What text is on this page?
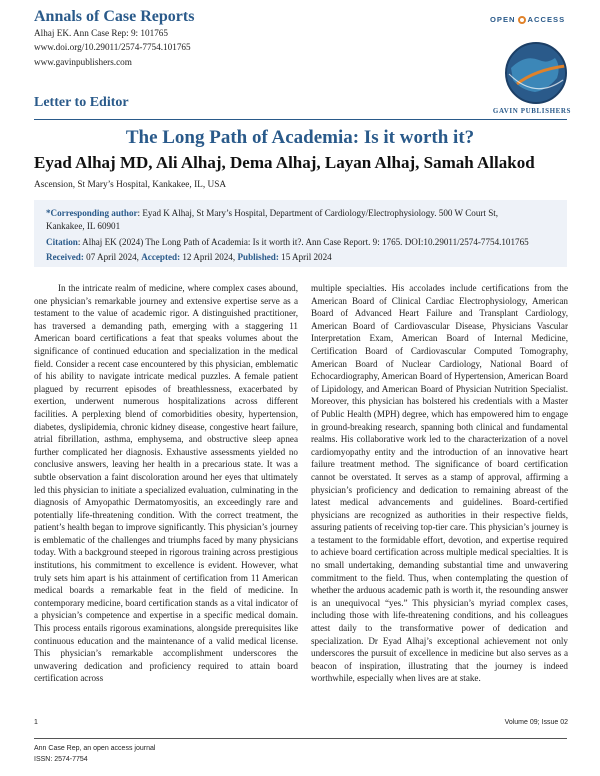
Annals of Case Reports
Alhaj EK. Ann Case Rep: 9: 101765
www.doi.org/10.29011/2574-7754.101765
www.gavinpublishers.com
OPEN ACCESS
GAVIN PUBLISHERS
Letter to Editor
The Long Path of Academia: Is it worth it?
Eyad Alhaj MD, Ali Alhaj, Dema Alhaj, Layan Alhaj, Samah Allakod
Ascension, St Mary’s Hospital, Kankakee, IL, USA
*Corresponding author: Eyad K Alhaj, St Mary’s Hospital, Department of Cardiology/Electrophysiology. 500 W Court St,
Kankakee, IL 60901
Citation: Alhaj EK (2024) The Long Path of Academia: Is it worth it?. Ann Case Report. 9: 1765. DOI:10.29011/2574-7754.101765
Received: 07 April 2024, Accepted: 12 April 2024, Published: 15 April 2024

In the intricate realm of medicine, where complex cases abound, one physician’s remarkable journey and extensive expertise serve as a testament to the value of academic rigor. A distinguished practitioner, has traversed a demanding path, emerging with a staggering 11 American board certifications a feat that speaks volumes about the significance of continued education and specialization in the medical field. Consider a recent case encountered by this physician, emblematic of his ability to navigate intricate medical puzzles. A female patient plagued by recurrent episodes of breathlessness, exacerbated by exertion, underwent numerous hospitalizations across different facilities. A perplexing blend of comorbidities obesity, hypertension, diabetes, dyslipidemia, chronic kidney disease, congestive heart failure, atrial fibrillation, asthma, emphysema, and obstructive sleep apnea further complicated her diagnosis. Exhaustive assessments yielded no conclusive answers, leaving her health in a precarious state. It was a subtle observation a faint discoloration around her eyes that ultimately led this physician to initiate a specialized evaluation, culminating in the diagnosis of Amyopathic Dermatomyositis, an exceedingly rare and potentially life-threatening condition. With the correct treatment, the patient’s health began to improve significantly. This physician’s journey is emblematic of the challenges and triumphs faced by many physicians today. With a background steeped in rigorous training across prestigious institutions, his commitment to excellence is evident. However, what truly sets him apart is his attainment of certification from 11 American medical boards a remarkable feat in the field of medicine. In contemporary medicine, board certification stands as a vital indicator of a physician’s competence and expertise in a specific medical domain. This process entails rigorous examinations, alongside prerequisites like continuous education and the maintenance of a valid medical license. This physician’s remarkable accomplishment underscores the unwavering dedication and proficiency required to attain board certification across

multiple specialties. His accolades include certifications from the American Board of Clinical Cardiac Electrophysiology, American Board of Advanced Heart Failure and Transplant Cardiology, American Board of Cardiovascular Disease, Physicians Vascular Interpretation Exam, American Board of Internal Medicine, Certification Board of Cardiovascular Computed Tomography, American Board of Nuclear Cardiology, National Board of Echocardiography, American Board of Hypertension, American Board of Lipidology, and American Board of Physician Nutrition Specialist. Moreover, this physician has bolstered his credentials with a Master of Public Health (MPH) degree, which has empowered him to engage in ground-breaking research, spanning both clinical and fundamental realms. His collaborative work led to the characterization of a novel cardiomyopathy entity and the introduction of an innovative heart failure treatment method. The significance of board certification cannot be overstated. It serves as a stamp of approval, affirming a physician’s proficiency and dedication to remaining abreast of the latest medical advancements and guidelines. Board-certified physicians are recognized as authorities in their respective fields, assuring patients of receiving top-tier care. This physician’s journey is a testament to the formidable effort, devotion, and expertise required to achieve board certification across multiple medical specialties. It is no small undertaking, demanding substantial time and unwavering commitment to the field. Thus, when contemplating the question of whether the arduous academic path is worth it, the resounding answer is an unequivocal “yes.” This physician’s myriad complex cases, including those with life-threatening conditions, and his colleagues attest daily to the transformative power of dedication and specialization. Dr Eyad Alhaj’s exceptional achievement not only underscores the pursuit of excellence in medicine but also serves as a beacon of inspiration, illustrating that the journey is indeed worthwhile, especially when lives are at stake.

1	Volume 09; Issue 02
Ann Case Rep, an open access journal
ISSN: 2574-7754
